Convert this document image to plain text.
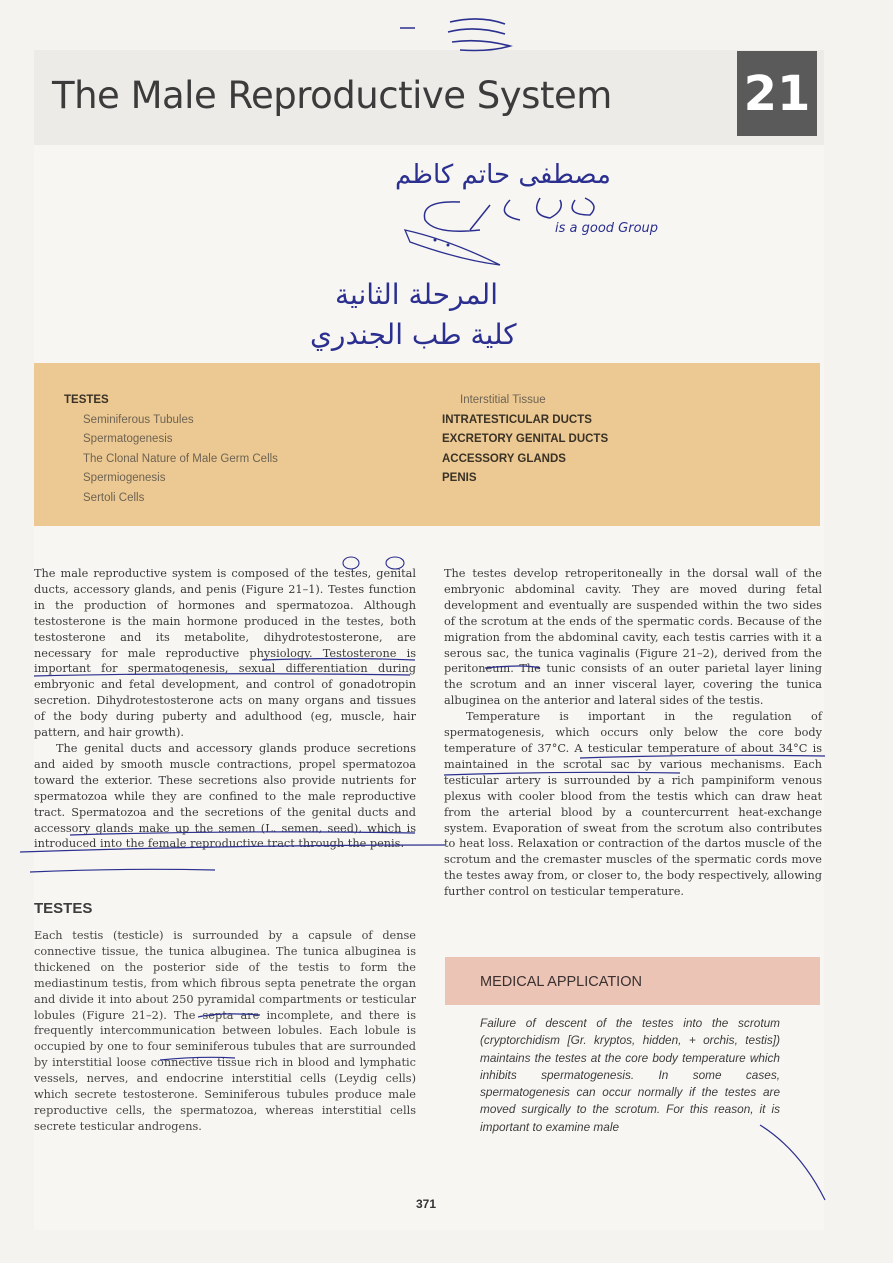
The Male Reproductive System	21
مصطفى حاتم كاظم
is a good Group
المرحلة الثانية
كلية طب الجندري
TESTES
Seminiferous Tubules
Spermatogenesis
The Clonal Nature of Male Germ Cells
Spermiogenesis
Sertoli Cells
Interstitial Tissue
INTRATESTICULAR DUCTS
EXCRETORY GENITAL DUCTS
ACCESSORY GLANDS
PENIS

The male reproductive system is composed of the testes, genital ducts, accessory glands, and penis (Figure 21–1). Testes function in the production of hormones and spermatozoa. Although testosterone is the main hormone produced in the testes, both testosterone and its metabolite, dihydrotestosterone, are necessary for male reproductive physiology. Testosterone is important for spermatogenesis, sexual differentiation during embryonic and fetal development, and control of gonadotropin secretion. Dihydrotestosterone acts on many organs and tissues of the body during puberty and adulthood (eg, muscle, hair pattern, and hair growth).

The genital ducts and accessory glands produce secretions and aided by smooth muscle contractions, propel spermatozoa toward the exterior. These secretions also provide nutrients for spermatozoa while they are confined to the male reproductive tract. Spermatozoa and the secretions of the genital ducts and accessory glands make up the semen (L. semen, seed), which is introduced into the female reproductive tract through the penis.

TESTES
Each testis (testicle) is surrounded by a capsule of dense connective tissue, the tunica albuginea. The tunica albuginea is thickened on the posterior side of the testis to form the mediastinum testis, from which fibrous septa penetrate the organ and divide it into about 250 pyramidal compartments or testicular lobules (Figure 21–2). The septa are incomplete, and there is frequently intercommunication between lobules. Each lobule is occupied by one to four seminiferous tubules that are surrounded by interstitial loose connective tissue rich in blood and lymphatic vessels, nerves, and endocrine interstitial cells (Leydig cells) which secrete testosterone. Seminiferous tubules produce male reproductive cells, the spermatozoa, whereas interstitial cells secrete testicular androgens.

The testes develop retroperitoneally in the dorsal wall of the embryonic abdominal cavity. They are moved during fetal development and eventually are suspended within the two sides of the scrotum at the ends of the spermatic cords. Because of the migration from the abdominal cavity, each testis carries with it a serous sac, the tunica vaginalis (Figure 21–2), derived from the peritoneum. The tunic consists of an outer parietal layer lining the scrotum and an inner visceral layer, covering the tunica albuginea on the anterior and lateral sides of the testis.

Temperature is important in the regulation of spermatogenesis, which occurs only below the core body temperature of 37°C. A testicular temperature of about 34°C is maintained in the scrotal sac by various mechanisms. Each testicular artery is surrounded by a rich pampiniform venous plexus with cooler blood from the testis which can draw heat from the arterial blood by a countercurrent heat-exchange system. Evaporation of sweat from the scrotum also contributes to heat loss. Relaxation or contraction of the dartos muscle of the scrotum and the cremaster muscles of the spermatic cords move the testes away from, or closer to, the body respectively, allowing further control on testicular temperature.

MEDICAL APPLICATION
Failure of descent of the testes into the scrotum (cryptorchidism [Gr. kryptos, hidden, + orchis, testis]) maintains the testes at the core body temperature which inhibits spermatogenesis. In some cases, spermatogenesis can occur normally if the testes are moved surgically to the scrotum. For this reason, it is important to examine male
371
